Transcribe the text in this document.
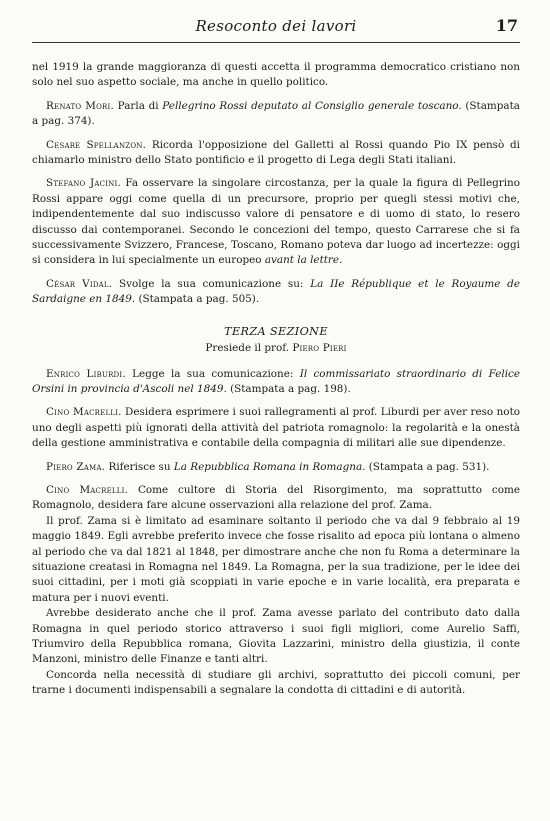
Resoconto dei lavori	17

nel 1919 la grande maggioranza di questi accetta il programma democratico cristiano non solo nel suo aspetto sociale, ma anche in quello politico.

Renato Mori. Parla di Pellegrino Rossi deputato al Consiglio generale toscano. (Stampata a pag. 374).

Cesare Spellanzon. Ricorda l'opposizione del Galletti al Rossi quando Pio IX pensò di chiamarlo ministro dello Stato pontificio e il progetto di Lega degli Stati italiani.

Stefano Jacini. Fa osservare la singolare circostanza, per la quale la figura di Pellegrino Rossi appare oggi come quella di un precursore, proprio per quegli stessi motivi che, indipendentemente dal suo indiscusso valore di pensatore e di uomo di stato, lo resero discusso dai contemporanei. Secondo le concezioni del tempo, questo Carrarese che si fa successivamente Svizzero, Francese, Toscano, Romano poteva dar luogo ad incertezze: oggi si considera in lui specialmente un europeo avant la lettre.

César Vidal. Svolge la sua comunicazione su: La IIe République et le Royaume de Sardaigne en 1849. (Stampata a pag. 505).

TERZA SEZIONE

Presiede il prof. Piero Pieri

Enrico Liburdi. Legge la sua comunicazione: Il commissariato straordinario di Felice Orsini in provincia d'Ascoli nel 1849. (Stampata a pag. 198).

Cino Macrelli. Desidera esprimere i suoi rallegramenti al prof. Liburdi per aver reso noto uno degli aspetti più ignorati della attività del patriota romagnolo: la regolarità e la onestà della gestione amministrativa e contabile della compagnia di militari alle sue dipendenze.

Piero Zama. Riferisce su La Repubblica Romana in Romagna. (Stampata a pag. 531).

Cino Macrelli. Come cultore di Storia del Risorgimento, ma soprattutto come Romagnolo, desidera fare alcune osservazioni alla relazione del prof. Zama.

Il prof. Zama si è limitato ad esaminare soltanto il periodo che va dal 9 febbraio al 19 maggio 1849. Egli avrebbe preferito invece che fosse risalito ad epoca più lontana o almeno al periodo che va dal 1821 al 1848, per dimostrare anche che non fu Roma a determinare la situazione creatasi in Romagna nel 1849. La Romagna, per la sua tradizione, per le idee dei suoi cittadini, per i moti già scoppiati in varie epoche e in varie località, era preparata e matura per i nuovi eventi.

Avrebbe desiderato anche che il prof. Zama avesse parlato del contributo dato dalla Romagna in quel periodo storico attraverso i suoi figli migliori, come Aurelio Saffi, Triumviro della Repubblica romana, Giovita Lazzarini, ministro della giustizia, il conte Manzoni, ministro delle Finanze e tanti altri.

Concorda nella necessità di studiare gli archivi, soprattutto dei piccoli comuni, per trarne i documenti indispensabili a segnalare la condotta di cittadini e di autorità.
